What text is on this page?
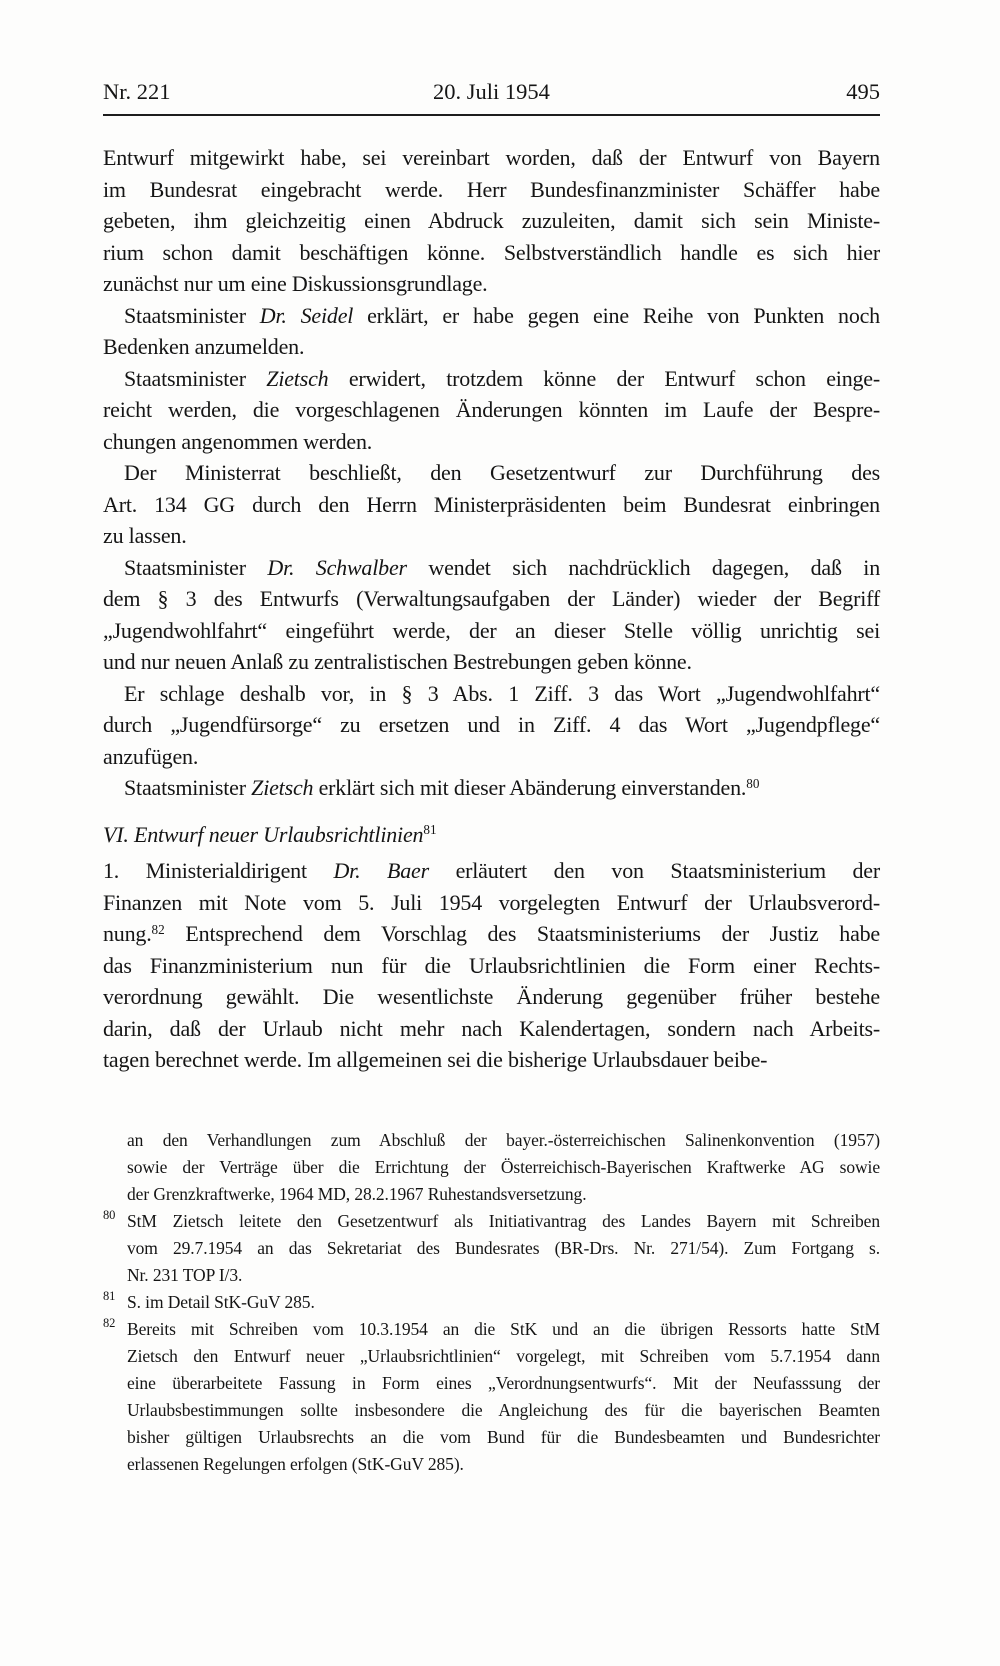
Nr. 221	20. Juli 1954	495
Entwurf mitgewirkt habe, sei vereinbart worden, daß der Entwurf von Bayern
im Bundesrat eingebracht werde. Herr Bundesfinanzminister Schäffer habe
gebeten, ihm gleichzeitig einen Abdruck zuzuleiten, damit sich sein Ministe-
rium schon damit beschäftigen könne. Selbstverständlich handle es sich hier
zunächst nur um eine Diskussionsgrundlage.
Staatsminister Dr. Seidel erklärt, er habe gegen eine Reihe von Punkten noch
Bedenken anzumelden.
Staatsminister Zietsch erwidert, trotzdem könne der Entwurf schon einge-
reicht werden, die vorgeschlagenen Änderungen könnten im Laufe der Bespre-
chungen angenommen werden.
Der Ministerrat beschließt, den Gesetzentwurf zur Durchführung des
Art. 134 GG durch den Herrn Ministerpräsidenten beim Bundesrat einbringen
zu lassen.
Staatsminister Dr. Schwalber wendet sich nachdrücklich dagegen, daß in
dem § 3 des Entwurfs (Verwaltungsaufgaben der Länder) wieder der Begriff
„Jugendwohlfahrt“ eingeführt werde, der an dieser Stelle völlig unrichtig sei
und nur neuen Anlaß zu zentralistischen Bestrebungen geben könne.
Er schlage deshalb vor, in § 3 Abs. 1 Ziff. 3 das Wort „Jugendwohlfahrt“
durch „Jugendfürsorge“ zu ersetzen und in Ziff. 4 das Wort „Jugendpflege“
anzufügen.
Staatsminister Zietsch erklärt sich mit dieser Abänderung einverstanden.$^{80}$
VI. Entwurf neuer Urlaubsrichtlinien$^{81}$
1. Ministerialdirigent Dr. Baer erläutert den von Staatsministerium der
Finanzen mit Note vom 5. Juli 1954 vorgelegten Entwurf der Urlaubsverord-
nung.$^{82}$ Entsprechend dem Vorschlag des Staatsministeriums der Justiz habe
das Finanzministerium nun für die Urlaubsrichtlinien die Form einer Rechts-
verordnung gewählt. Die wesentlichste Änderung gegenüber früher bestehe
darin, daß der Urlaub nicht mehr nach Kalendertagen, sondern nach Arbeits-
tagen berechnet werde. Im allgemeinen sei die bisherige Urlaubsdauer beibe-
an den Verhandlungen zum Abschluß der bayer.-österreichischen Salinenkonvention (1957)
sowie der Verträge über die Errichtung der Österreichisch-Bayerischen Kraftwerke AG sowie
der Grenzkraftwerke, 1964 MD, 28.2.1967 Ruhestandsversetzung.
80 StM Zietsch leitete den Gesetzentwurf als Initiativantrag des Landes Bayern mit Schreiben
vom 29.7.1954 an das Sekretariat des Bundesrates (BR-Drs. Nr. 271/54). Zum Fortgang s.
Nr. 231 TOP I/3.
81 S. im Detail StK-GuV 285.
82 Bereits mit Schreiben vom 10.3.1954 an die StK und an die übrigen Ressorts hatte StM
Zietsch den Entwurf neuer „Urlaubsrichtlinien“ vorgelegt, mit Schreiben vom 5.7.1954 dann
eine überarbeitete Fassung in Form eines „Verordnungsentwurfs“. Mit der Neufasssung der
Urlaubsbestimmungen sollte insbesondere die Angleichung des für die bayerischen Beamten
bisher gültigen Urlaubsrechts an die vom Bund für die Bundesbeamten und Bundesrichter
erlassenen Regelungen erfolgen (StK-GuV 285).
